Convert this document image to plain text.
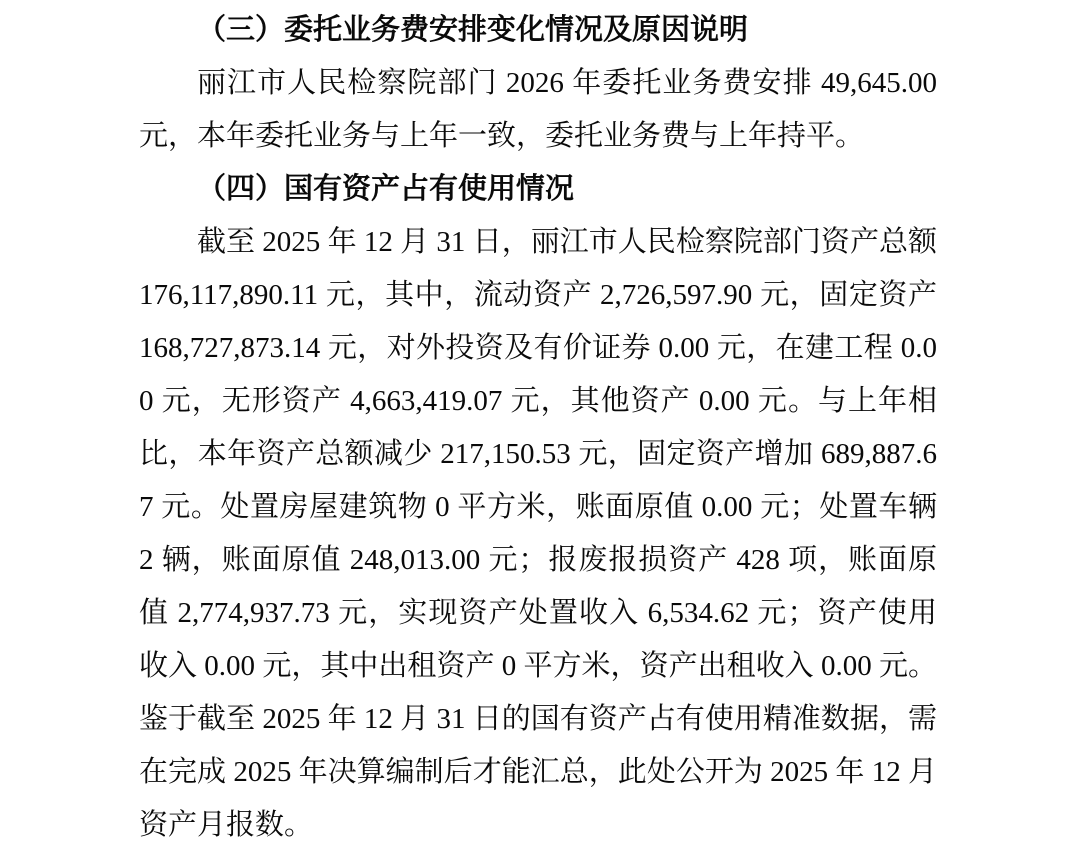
（三）委托业务费安排变化情况及原因说明

丽江市人民检察院部门 2026 年委托业务费安排 49,645.00 元，本年委托业务与上年一致，委托业务费与上年持平。

（四）国有资产占有使用情况

截至 2025 年 12 月 31 日，丽江市人民检察院部门资产总额 176,117,890.11 元，其中，流动资产 2,726,597.90 元，固定资产 168,727,873.14 元，对外投资及有价证券 0.00 元，在建工程 0.00 元，无形资产 4,663,419.07 元，其他资产 0.00 元。与上年相比，本年资产总额减少 217,150.53 元，固定资产增加 689,887.67 元。处置房屋建筑物 0 平方米，账面原值 0.00 元；处置车辆 2 辆，账面原值 248,013.00 元；报废报损资产 428 项，账面原值 2,774,937.73 元，实现资产处置收入 6,534.62 元；资产使用收入 0.00 元，其中出租资产 0 平方米，资产出租收入 0.00 元。鉴于截至 2025 年 12 月 31 日的国有资产占有使用精准数据，需在完成 2025 年决算编制后才能汇总，此处公开为 2025 年 12 月资产月报数。
